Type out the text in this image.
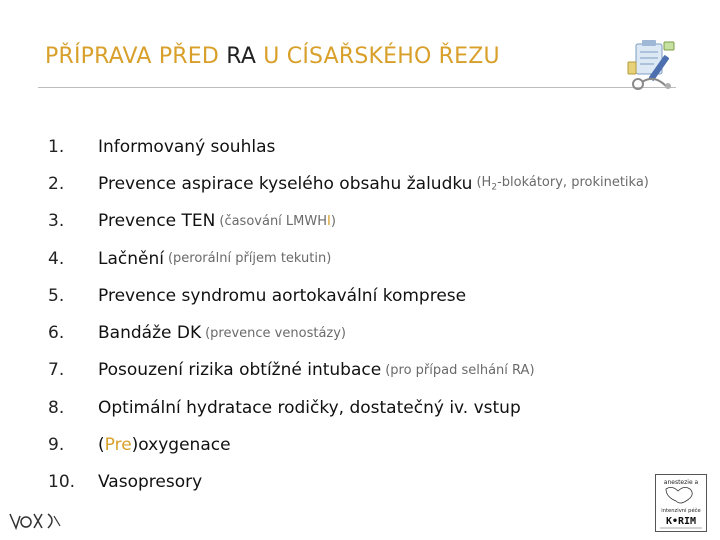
PŘÍPRAVA PŘED RA U CÍSAŘSKÉHO ŘEZU
1.	Informovaný souhlas
2.	Prevence aspirace kyselého obsahu žaludku ($H_2$-blokátory, prokinetika)
3.	Prevence TEN (časování LMWHI)
4.	Lačnění (perorální příjem tekutin)
5.	Prevence syndromu aortokavální komprese
6.	Bandáže DK (prevence venostázy)
7.	Posouzení rizika obtížné intubace (pro případ selhání RA)
8.	Optimální hydratace rodičky, dostatečný iv. vstup
9.	(Pre)oxygenace
10.	Vasopresory	anestezie a
intenzivní péče
K•RIM
